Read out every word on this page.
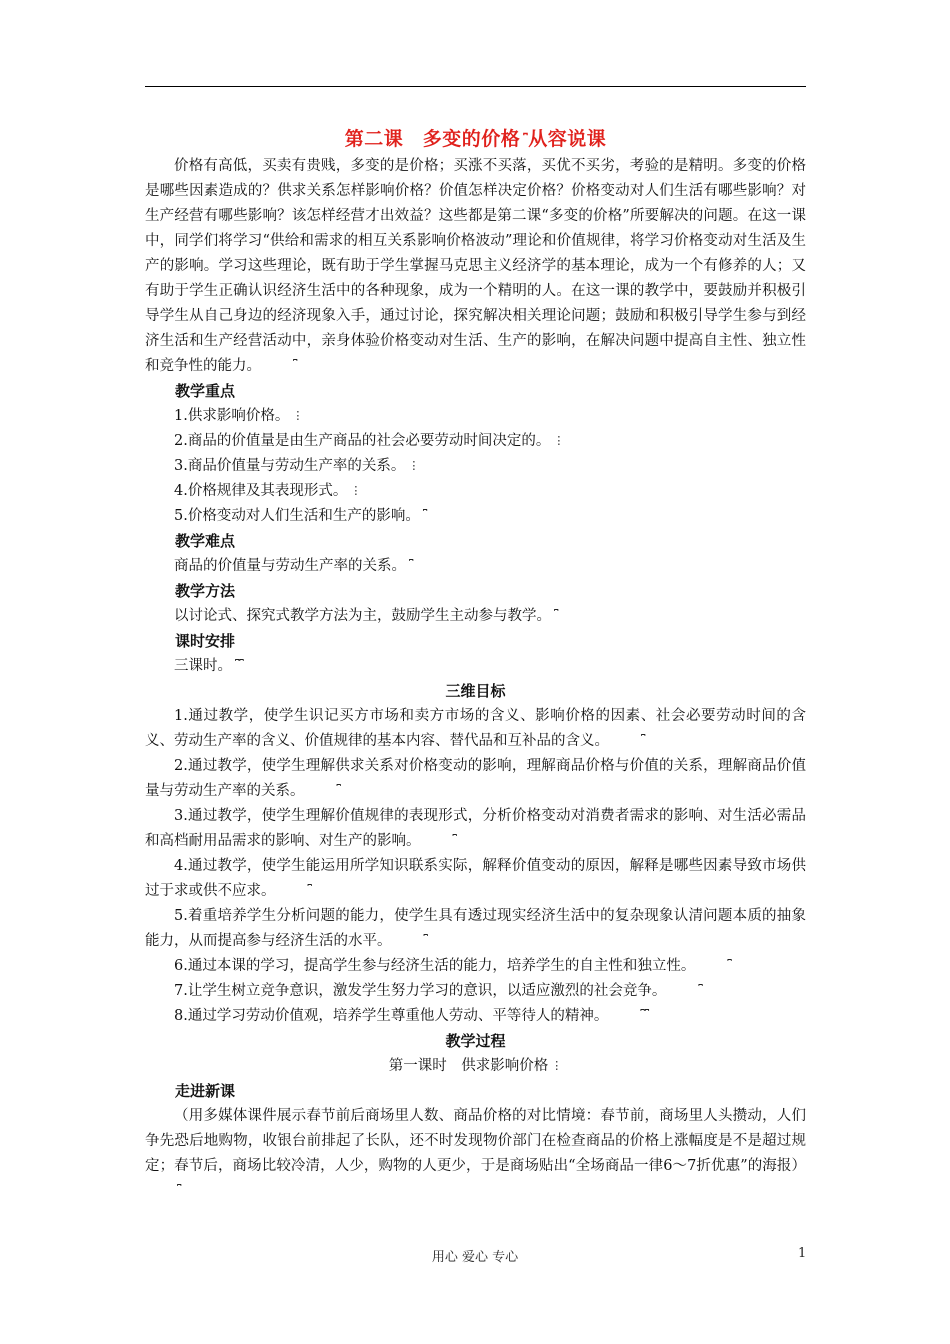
第二课　多变的价格 ⎴从容说课

价格有高低，买卖有贵贱，多变的是价格；买涨不买落，买优不买劣，考验的是精明。多变的价格是哪些因素造成的？供求关系怎样影响价格？价值怎样决定价格？价格变动对人们生活有哪些影响？对生产经营有哪些影响？该怎样经营才出效益？这些都是第二课“多变的价格”所要解决的问题。在这一课中，同学们将学习“供给和需求的相互关系影响价格波动”理论和价值规律，将学习价格变动对生活及生产的影响。学习这些理论，既有助于学生掌握马克思主义经济学的基本理论，成为一个有修养的人；又有助于学生正确认识经济生活中的各种现象，成为一个精明的人。在这一课的教学中，要鼓励并积极引导学生从自己身边的经济现象入手，通过讨论，探究解决相关理论问题；鼓励和积极引导学生参与到经济生活和生产经营活动中，亲身体验价格变动对生活、生产的影响，在解决问题中提高自主性、独立性和竞争性的能力。	⎴

教学重点

1.供求影响价格。 ⋮

2.商品的价值量是由生产商品的社会必要劳动时间决定的。 ⋮

3.商品价值量与劳动生产率的关系。 ⋮

4.价格规律及其表现形式。 ⋮

5.价格变动对人们生活和生产的影响。 ⎴

教学难点

商品的价值量与劳动生产率的关系。 ⎴

教学方法

以讨论式、探究式教学方法为主，鼓励学生主动参与教学。 ⎴

课时安排

三课时。 ⎴⎴

三维目标

1.通过教学，使学生识记买方市场和卖方市场的含义、影响价格的因素、社会必要劳动时间的含义、劳动生产率的含义、价值规律的基本内容、替代品和互补品的含义。	⎴

2.通过教学，使学生理解供求关系对价格变动的影响，理解商品价格与价值的关系，理解商品价值量与劳动生产率的关系。	⎴

3.通过教学，使学生理解价值规律的表现形式，分析价格变动对消费者需求的影响、对生活必需品和高档耐用品需求的影响、对生产的影响。	⎴

4.通过教学，使学生能运用所学知识联系实际，解释价值变动的原因，解释是哪些因素导致市场供过于求或供不应求。	⎴

5.着重培养学生分析问题的能力，使学生具有透过现实经济生活中的复杂现象认清问题本质的抽象能力，从而提高参与经济生活的水平。	⎴

6.通过本课的学习，提高学生参与经济生活的能力，培养学生的自主性和独立性。	⎴

7.让学生树立竞争意识，激发学生努力学习的意识，以适应激烈的社会竞争。	⎴

8.通过学习劳动价值观，培养学生尊重他人劳动、平等待人的精神。	⎴⎴

教学过程
第一课时　供求影响价格 ⋮
走进新课

（用多媒体课件展示春节前后商场里人数、商品价格的对比情境：春节前，商场里人头攒动，人们争先恐后地购物，收银台前排起了长队，还不时发现物价部门在检查商品的价格上涨幅度是不是超过规定；春节后，商场比较冷清，人少，购物的人更少，于是商场贴出“全场商品一律6～7折优惠”的海报）⎴

用心 爱心 专心	1
